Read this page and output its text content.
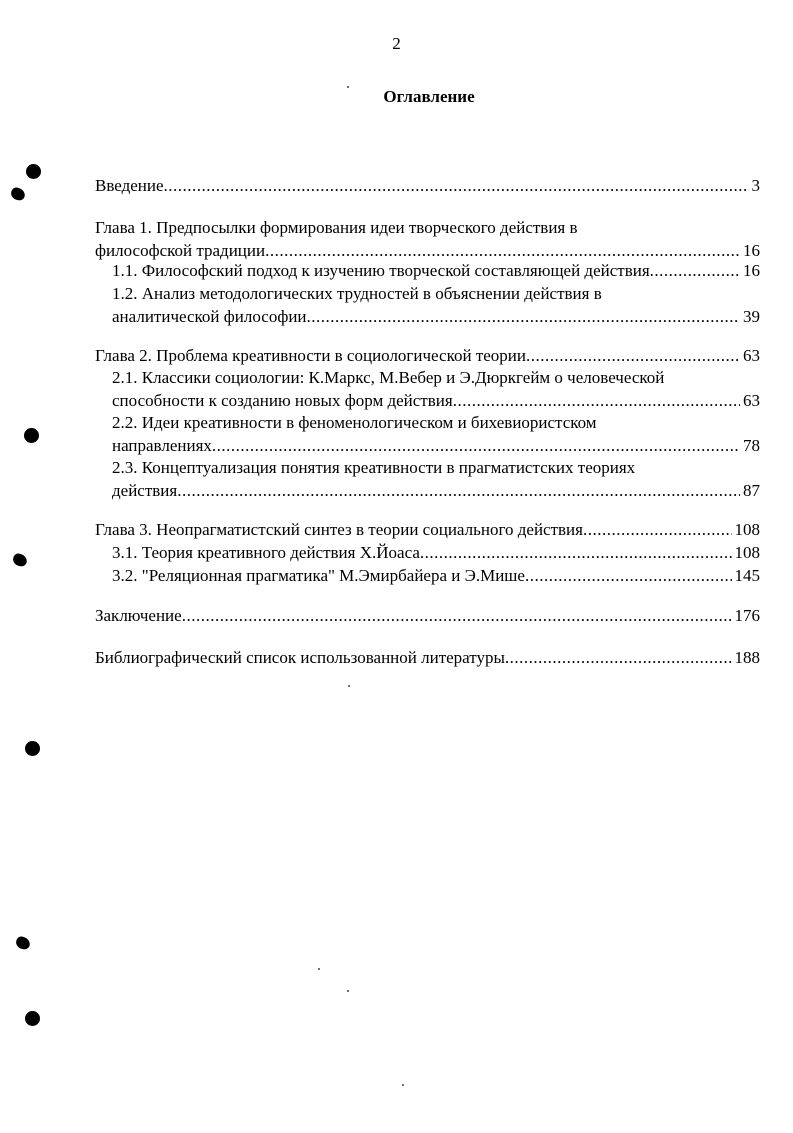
2
Оглавление
Введение .....	3
Глава 1. Предпосылки формирования идеи творческого действия в
философской традиции .....	16
1.1. Философский подход к изучению творческой составляющей действия .....	16
1.2. Анализ методологических трудностей в объяснении действия в
аналитической философии .....	39
Глава 2. Проблема креативности в социологической теории .....	63
2.1. Классики социологии: К.Маркс, М.Вебер и Э.Дюркгейм о человеческой
способности к созданию новых форм действия .....	63
2.2. Идеи креативности в феноменологическом и бихевиористском
направлениях .....	78
2.3. Концептуализация понятия креативности в прагматистских теориях
действия .....	87
Глава 3. Неопрагматистский синтез в теории социального действия .....	108
3.1. Теория креативного действия Х.Йоаса .....	108
3.2. "Реляционная прагматика" М.Эмирбайера и Э.Мише .....	145
Заключение .....	176
Библиографический список использованной литературы .....	188
